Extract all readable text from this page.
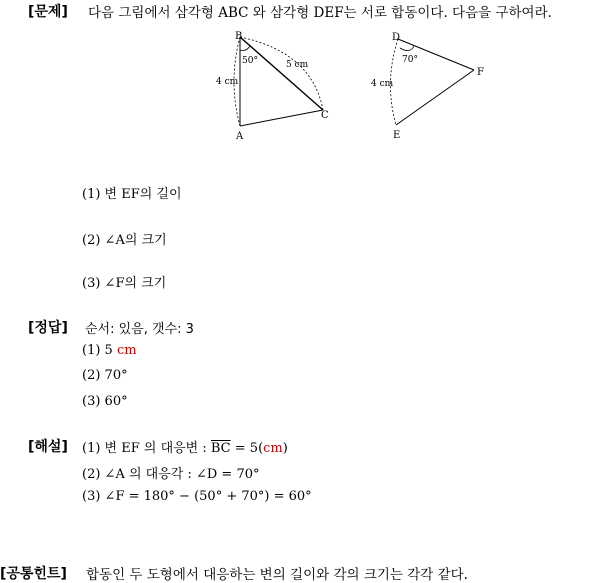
[문제] 다음 그림에서 삼각형 ABC 와 삼각형 DEF는 서로 합동이다. 다음을 구하여라.
B
A
C
50°	5 cm
4 cm
D
E
F
70°
4 cm
(1) 변 EF의 길이
(2) ∠A의 크기
(3) ∠F의 크기
[정답] 순서: 있음, 갯수: 3
(1) 5 cm
(2) 70°
(3) 60°
[해설] (1) 변 EF 의 대응변 : $\overline{BC} = 5(cm)$
(2) ∠A 의 대응각 : ∠D = 70°
(3) ∠F = 180° − (50° + 70°) = 60°
[공통힌트] 합동인 두 도형에서 대응하는 변의 길이와 각의 크기는 각각 같다.
